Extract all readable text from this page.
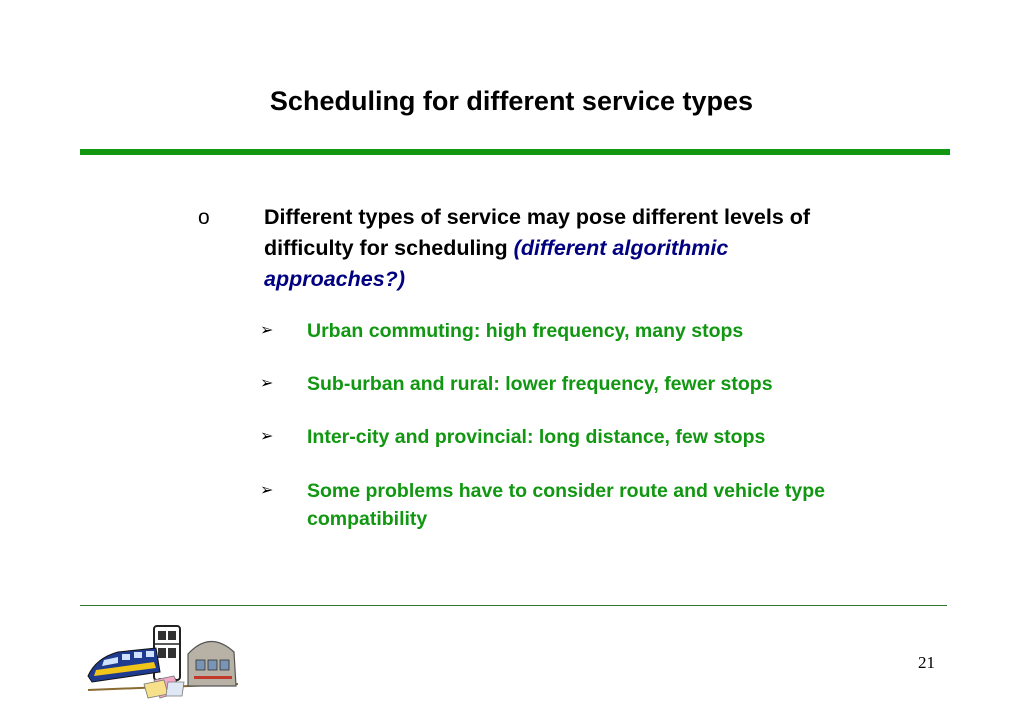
Scheduling for different service types
o	Different types of service may pose different levels of difficulty for scheduling (different algorithmic approaches?)
➢ Urban commuting: high frequency, many stops
➢ Sub-urban and rural: lower frequency, fewer stops
➢ Inter-city and provincial: long distance, few stops
➢ Some problems have to consider route and vehicle type compatibility
21
